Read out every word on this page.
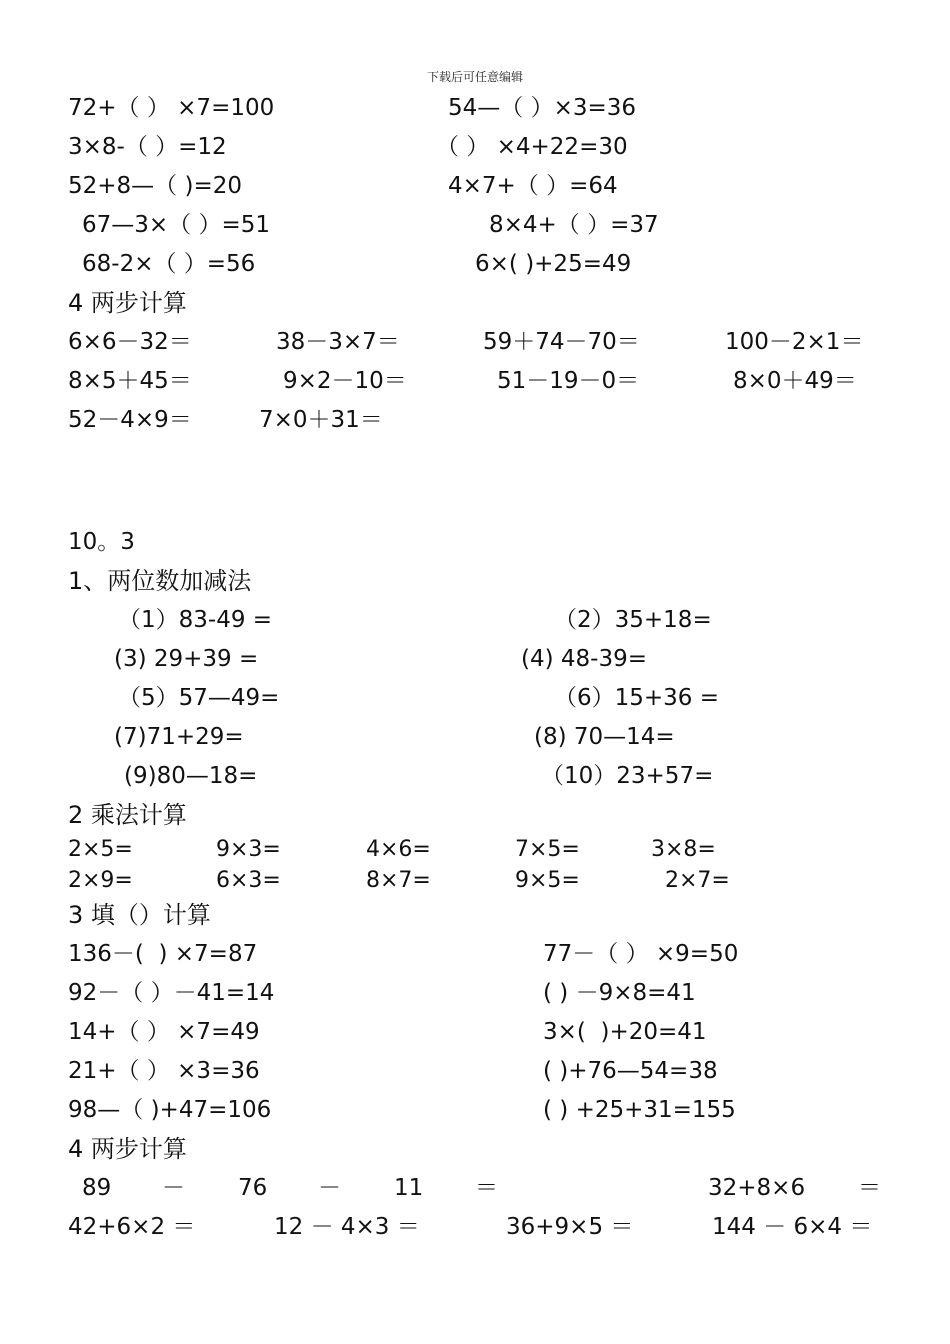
下载后可任意编辑
72+（ ） ×7=100	54—（ ）×3=36
3×8-（ ）=12	（ ） ×4+22=30
52+8—（ )=20	4×7+（ ）=64
67—3×（ ）=51	8×4+（ ）=37
68-2×（ ）=56	6×( )+25=49
4 两步计算
6×6－32＝	38－3×7＝	59＋74－70＝	100－2×1＝
8×5＋45＝	9×2－10＝	51－19－0＝	8×0＋49＝
52－4×9＝	7×0＋31＝
10。3
1、两位数加减法
（1）83-49 =	（2）35+18=
(3) 29+39 =	(4) 48-39=
（5）57—49=	（6）15+36 =
(7)71+29=	(8) 70—14=
(9)80—18=	（10）23+57=
2 乘法计算
2×5=	9×3=	4×6=	7×5=	3×8=
2×9=	6×3=	8×7=	9×5=	2×7=
3 填（）计算
136－(  ) ×7=87	77－（ ） ×9=50
92－（ ）－41=14	( ) －9×8=41
14+（ ） ×7=49	3×(  )+20=41
21+（ ） ×3=36	( )+76—54=38
98—（ )+47=106	( ) +25+31=155
4 两步计算
89 － 76 － 11 ＝	32+8×6 ＝
42+6×2 ＝	12 － 4×3 ＝	36+9×5 ＝	144 － 6×4 ＝
